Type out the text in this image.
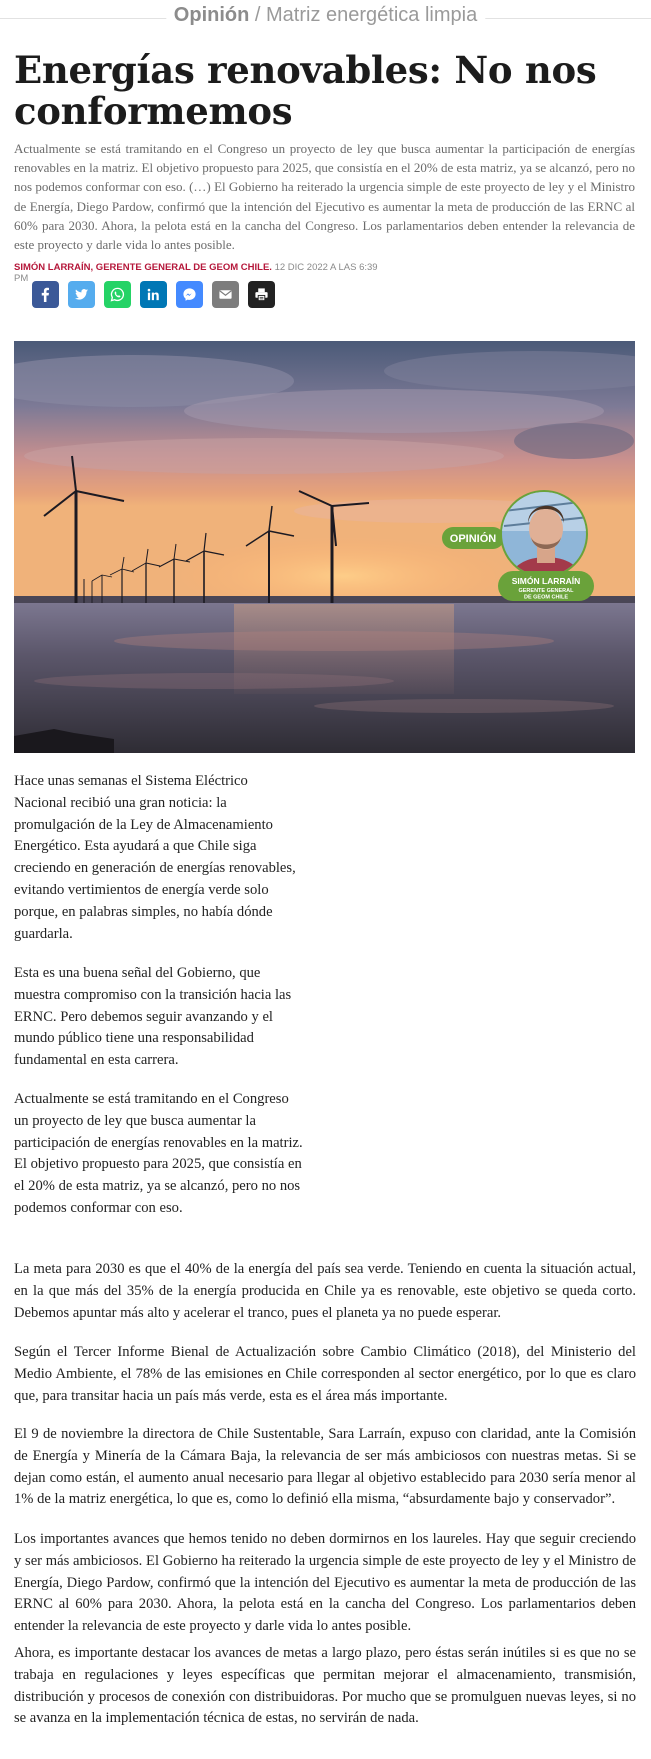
Opinión / Matriz energética limpia
Energías renovables: No nos conformemos

Actualmente se está tramitando en el Congreso un proyecto de ley que busca aumentar la participación de energías renovables en la matriz. El objetivo propuesto para 2025, que consistía en el 20% de esta matriz, ya se alcanzó, pero no nos podemos conformar con eso. (…) El Gobierno ha reiterado la urgencia simple de este proyecto de ley y el Ministro de Energía, Diego Pardow, confirmó que la intención del Ejecutivo es aumentar la meta de producción de las ERNC al 60% para 2030. Ahora, la pelota está en la cancha del Congreso. Los parlamentarios deben entender la relevancia de este proyecto y darle vida lo antes posible.

SIMÓN LARRAÍN, GERENTE GENERAL DE GEOM CHILE. 12 DIC 2022 A LAS 6:39 PM
OPINIÓN
SIMÓN LARRAÍN
GERENTE GENERAL
DE GEOM CHILE

Hace unas semanas el Sistema Eléctrico Nacional recibió una gran noticia: la promulgación de la Ley de Almacenamiento Energético. Esta ayudará a que Chile siga creciendo en generación de energías renovables, evitando vertimientos de energía verde solo porque, en palabras simples, no había dónde guardarla.

Esta es una buena señal del Gobierno, que muestra compromiso con la transición hacia las ERNC. Pero debemos seguir avanzando y el mundo público tiene una responsabilidad fundamental en esta carrera.

Actualmente se está tramitando en el Congreso un proyecto de ley que busca aumentar la participación de energías renovables en la matriz. El objetivo propuesto para 2025, que consistía en el 20% de esta matriz, ya se alcanzó, pero no nos podemos conformar con eso.

La meta para 2030 es que el 40% de la energía del país sea verde. Teniendo en cuenta la situación actual, en la que más del 35% de la energía producida en Chile ya es renovable, este objetivo se queda corto. Debemos apuntar más alto y acelerar el tranco, pues el planeta ya no puede esperar.

Según el Tercer Informe Bienal de Actualización sobre Cambio Climático (2018), del Ministerio del Medio Ambiente, el 78% de las emisiones en Chile corresponden al sector energético, por lo que es claro que, para transitar hacia un país más verde, esta es el área más importante.

El 9 de noviembre la directora de Chile Sustentable, Sara Larraín, expuso con claridad, ante la Comisión de Energía y Minería de la Cámara Baja, la relevancia de ser más ambiciosos con nuestras metas. Si se dejan como están, el aumento anual necesario para llegar al objetivo establecido para 2030 sería menor al 1% de la matriz energética, lo que es, como lo definió ella misma, “absurdamente bajo y conservador”.

Los importantes avances que hemos tenido no deben dormirnos en los laureles. Hay que seguir creciendo y ser más ambiciosos. El Gobierno ha reiterado la urgencia simple de este proyecto de ley y el Ministro de Energía, Diego Pardow, confirmó que la intención del Ejecutivo es aumentar la meta de producción de las ERNC al 60% para 2030. Ahora, la pelota está en la cancha del Congreso. Los parlamentarios deben entender la relevancia de este proyecto y darle vida lo antes posible.

Ahora, es importante destacar los avances de metas a largo plazo, pero éstas serán inútiles si es que no se trabaja en regulaciones y leyes específicas que permitan mejorar el almacenamiento, transmisión, distribución y procesos de conexión con distribuidoras. Por mucho que se promulguen nuevas leyes, si no se avanza en la implementación técnica de estas, no servirán de nada.
